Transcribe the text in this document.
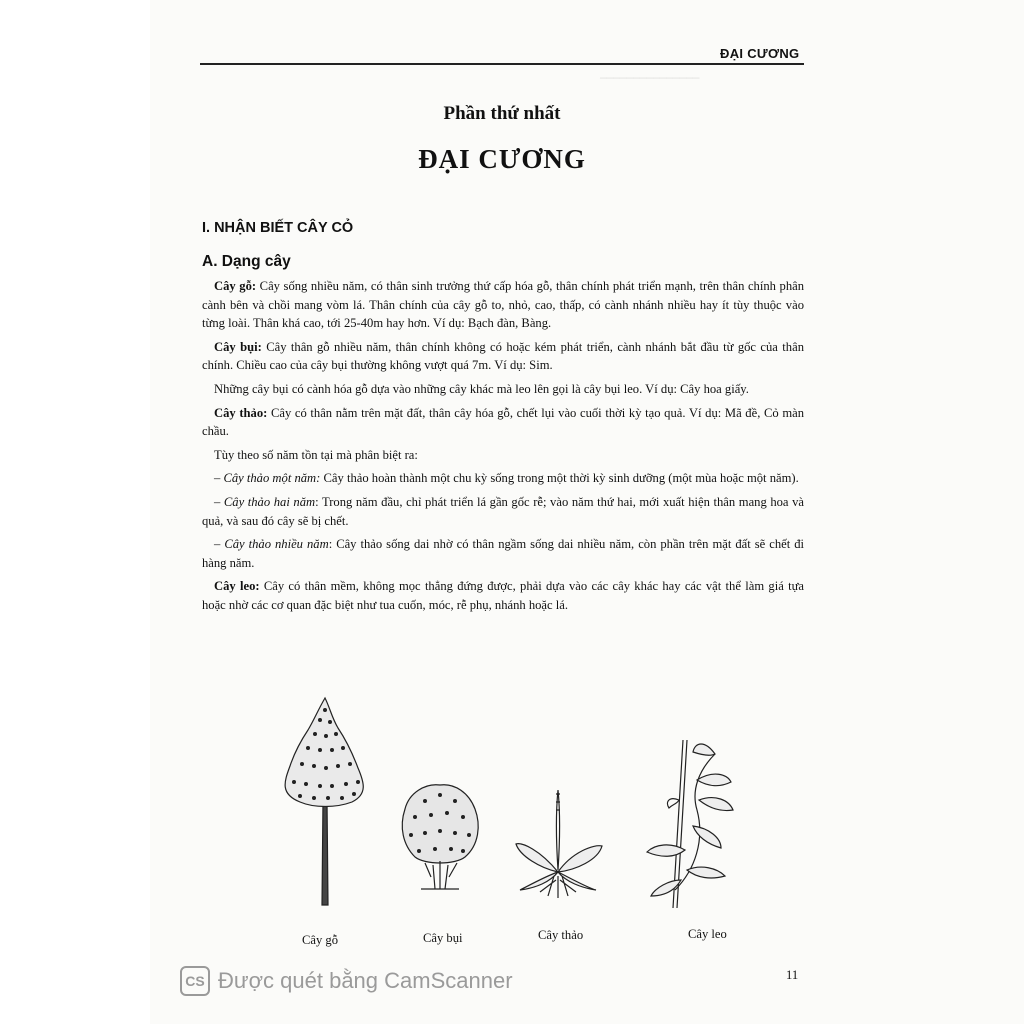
━━━━━━━━━━━━━━━
ĐẠI CƯƠNG
Phần thứ nhất
ĐẠI CƯƠNG
I. NHẬN BIẾT CÂY CỎ
A. Dạng cây

Cây gỗ: Cây sống nhiều năm, có thân sinh trưởng thứ cấp hóa gỗ, thân chính phát triển mạnh, trên thân chính phân cành bên và chồi mang vòm lá. Thân chính của cây gỗ to, nhỏ, cao, thấp, có cành nhánh nhiều hay ít tùy thuộc vào từng loài. Thân khá cao, tới 25-40m hay hơn. Ví dụ: Bạch đàn, Bàng.

Cây bụi: Cây thân gỗ nhiều năm, thân chính không có hoặc kém phát triển, cành nhánh bắt đầu từ gốc của thân chính. Chiều cao của cây bụi thường không vượt quá 7m. Ví dụ: Sim.

Những cây bụi có cành hóa gỗ dựa vào những cây khác mà leo lên gọi là cây bụi leo. Ví dụ: Cây hoa giấy.

Cây thảo: Cây có thân nằm trên mặt đất, thân cây hóa gỗ, chết lụi vào cuối thời kỳ tạo quả. Ví dụ: Mã đề, Cỏ màn chầu.

Tùy theo số năm tồn tại mà phân biệt ra:

– Cây thảo một năm: Cây thảo hoàn thành một chu kỳ sống trong một thời kỳ sinh dưỡng (một mùa hoặc một năm).

– Cây thảo hai năm: Trong năm đầu, chỉ phát triển lá gần gốc rễ; vào năm thứ hai, mới xuất hiện thân mang hoa và quả, và sau đó cây sẽ bị chết.

– Cây thảo nhiều năm: Cây thảo sống dai nhờ có thân ngầm sống dai nhiều năm, còn phần trên mặt đất sẽ chết đi hàng năm.

Cây leo: Cây có thân mềm, không mọc thẳng đứng được, phải dựa vào các cây khác hay các vật thể làm giá tựa hoặc nhờ các cơ quan đặc biệt như tua cuốn, móc, rễ phụ, nhánh hoặc lá.

Cây gỗ	Cây bụi	Cây thảo	Cây leo
11
CS Được quét bằng CamScanner
